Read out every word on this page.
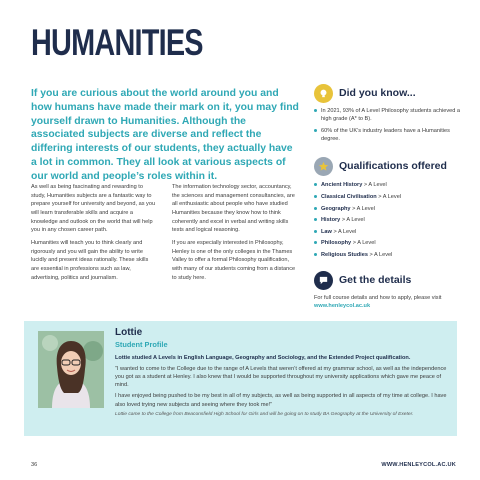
HUMANITIES
If you are curious about the world around you and how humans have made their mark on it, you may find yourself drawn to Humanities. Although the associated subjects are diverse and reflect the differing interests of our students, they actually have a lot in common. They all look at various aspects of our world and people’s roles within it.

As well as being fascinating and rewarding to study, Humanities subjects are a fantastic way to prepare yourself for university and beyond, as you will learn transferable skills and acquire a knowledge and outlook on the world that will help you in any chosen career path.

Humanities will teach you to think clearly and rigorously and you will gain the ability to write lucidly and present ideas rationally. These skills are essential in professions such as law, advertising, politics and journalism.

The information technology sector, accountancy, the sciences and management consultancies, are all enthusiastic about people who have studied Humanities because they know how to think coherently and excel in verbal and writing skills tests and logical reasoning.

If you are especially interested in Philosophy, Henley is one of the only colleges in the Thames Valley to offer a formal Philosophy qualification, with many of our students coming from a distance to study here.

Did you know...
In 2021, 93% of A Level Philosophy students achieved a high grade (A* to B).
60% of the UK’s industry leaders have a Humanities degree.
Qualifications offered
Ancient History > A Level
Classical Civilisation > A Level
Geography > A Level
History > A Level
Law > A Level
Philosophy > A Level
Religious Studies > A Level
Get the details
For full course details and how to apply, please visit www.henleycol.ac.uk
Lottie
Student Profile
Lottie studied A Levels in English Language, Geography and Sociology, and the Extended Project qualification.
“I wanted to come to the College due to the range of A Levels that weren’t offered at my grammar school, as well as the independence you got as a student at Henley. I also knew that I would be supported throughout my university applications which gave me peace of mind.
I have enjoyed being pushed to be my best in all of my subjects, as well as being supported in all aspects of my time at college. I have also loved trying new subjects and seeing where they took me!”
Lottie came to the College from Beaconsfield High School for Girls and will be going on to study BA Geography at the University of Exeter.
36	WWW.HENLEYCOL.AC.UK
